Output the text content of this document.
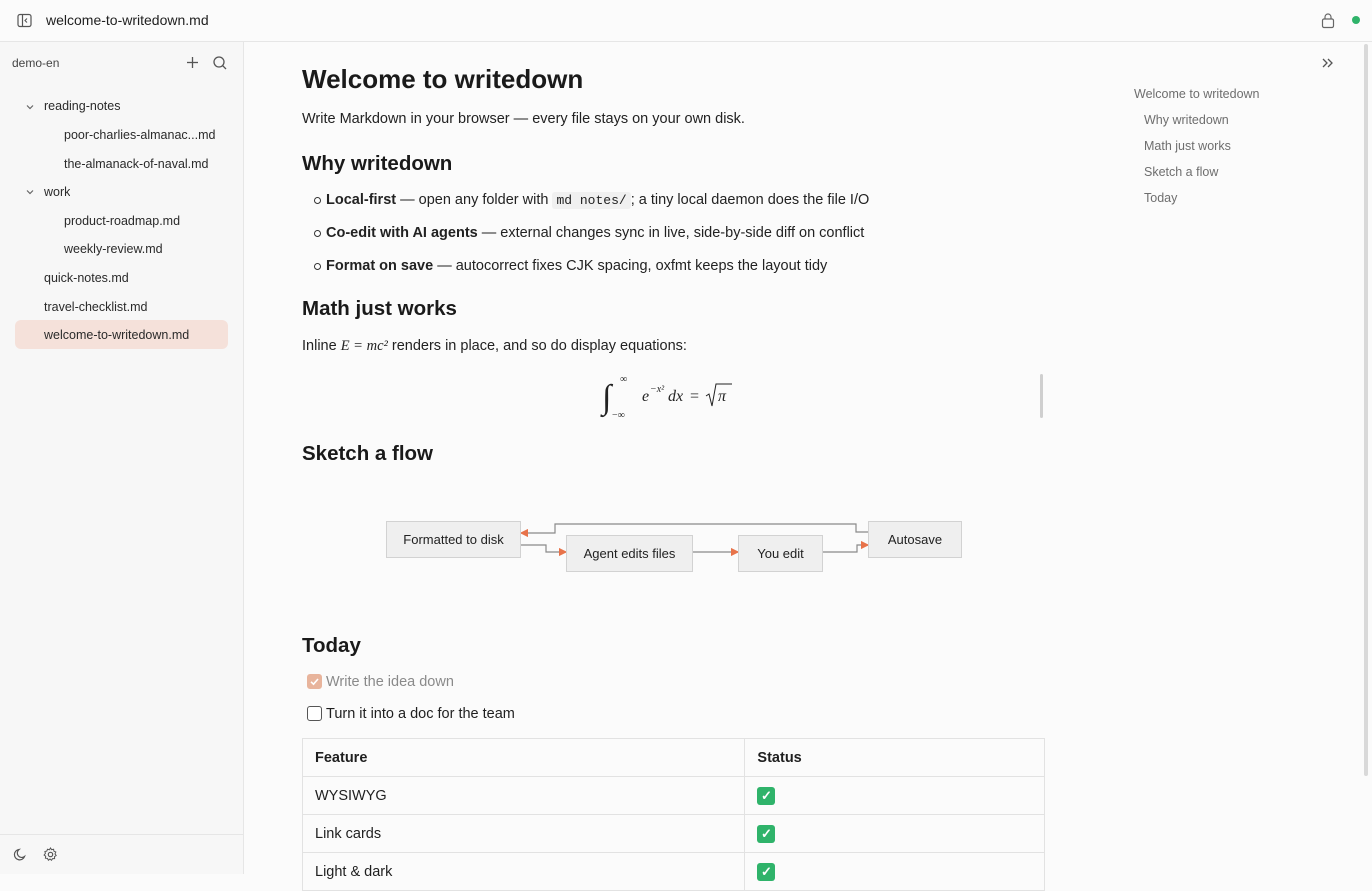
welcome-to-writedown.md
demo-en
reading-notes
poor-charlies-almanac...md
the-almanack-of-naval.md
work
product-roadmap.md
weekly-review.md
quick-notes.md
travel-checklist.md
welcome-to-writedown.md
Welcome to writedown
Write Markdown in your browser — every file stays on your own disk.
Why writedown
Local-first — open any folder with md notes/ ; a tiny local daemon does the file I/O
Co-edit with AI agents — external changes sync in live, side-by-side diff on conflict
Format on save — autocorrect fixes CJK spacing, oxfmt keeps the layout tidy
Math just works
Inline E = mc² renders in place, and so do display equations:
∫ ∞
−∞
e −x² dx = π
Sketch a flow
Formatted to disk
Agent edits files	You edit
Autosave
Today
Write the idea down
Turn it into a doc for the team
Feature	Status
WYSIWYG	✓
Link cards	✓
Light & dark	✓
Welcome to writedown
Why writedown
Math just works
Sketch a flow
Today
